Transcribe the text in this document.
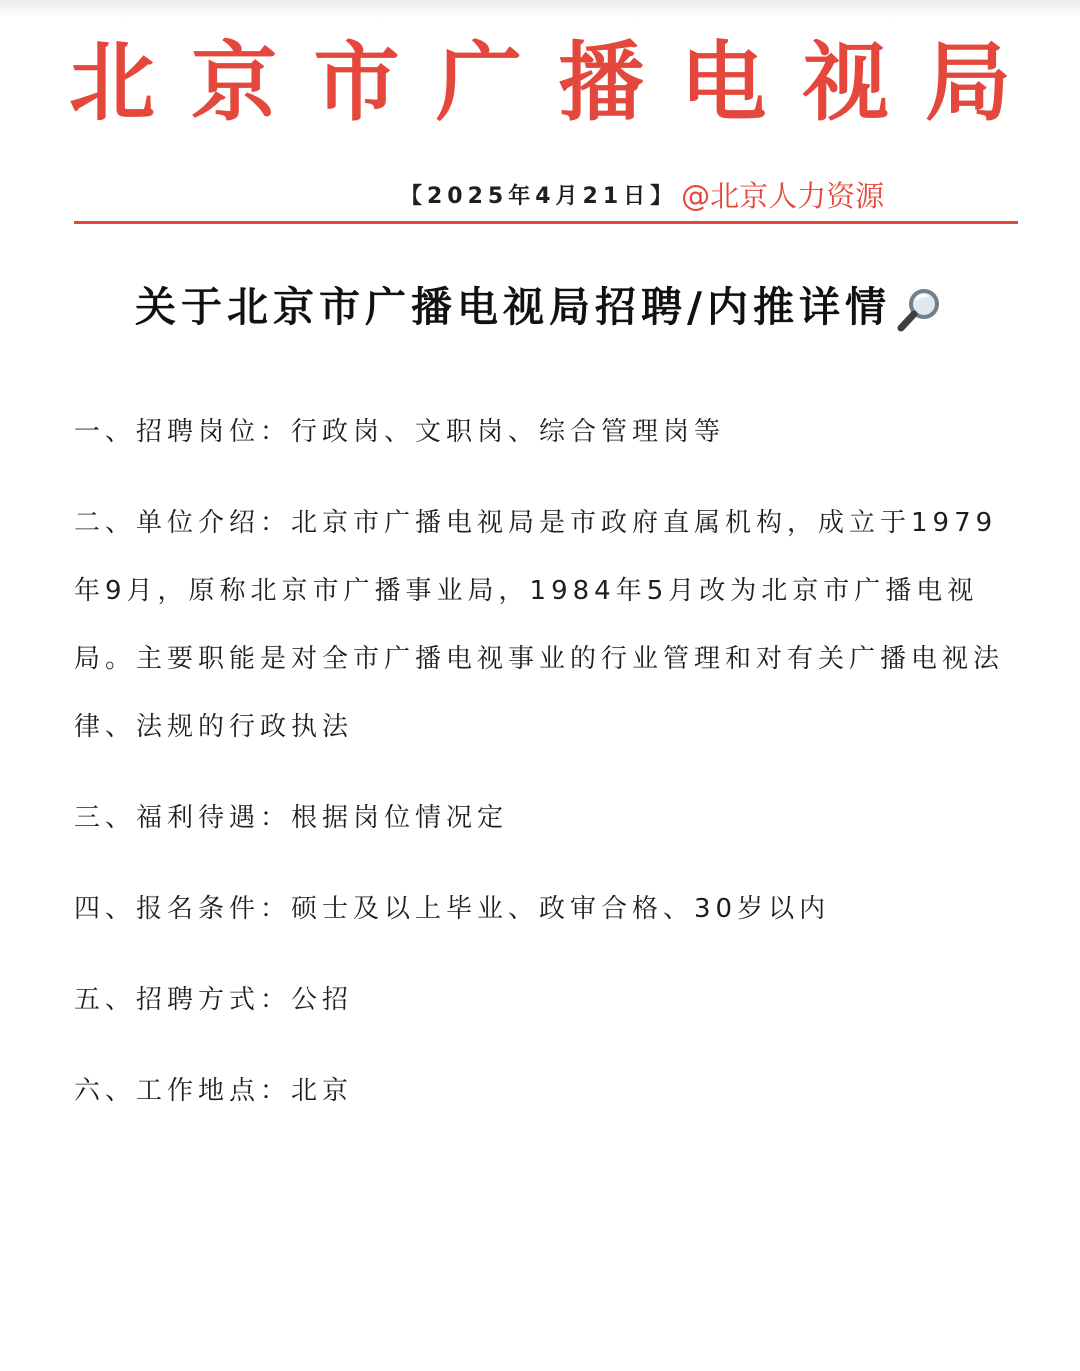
北 京 市 广 播 电 视 局
【2025年4月21日】 @北京人力资源
关于北京市广播电视局招聘/内推详情

一、招聘岗位：行政岗、文职岗、综合管理岗等

二、单位介绍：北京市广播电视局是市政府直属机构，成立于1979年9月，原称北京市广播事业局，1984年5月改为北京市广播电视局。主要职能是对全市广播电视事业的行业管理和对有关广播电视法律、法规的行政执法

三、福利待遇：根据岗位情况定

四、报名条件：硕士及以上毕业、政审合格、30岁以内

五、招聘方式：公招

六、工作地点：北京
